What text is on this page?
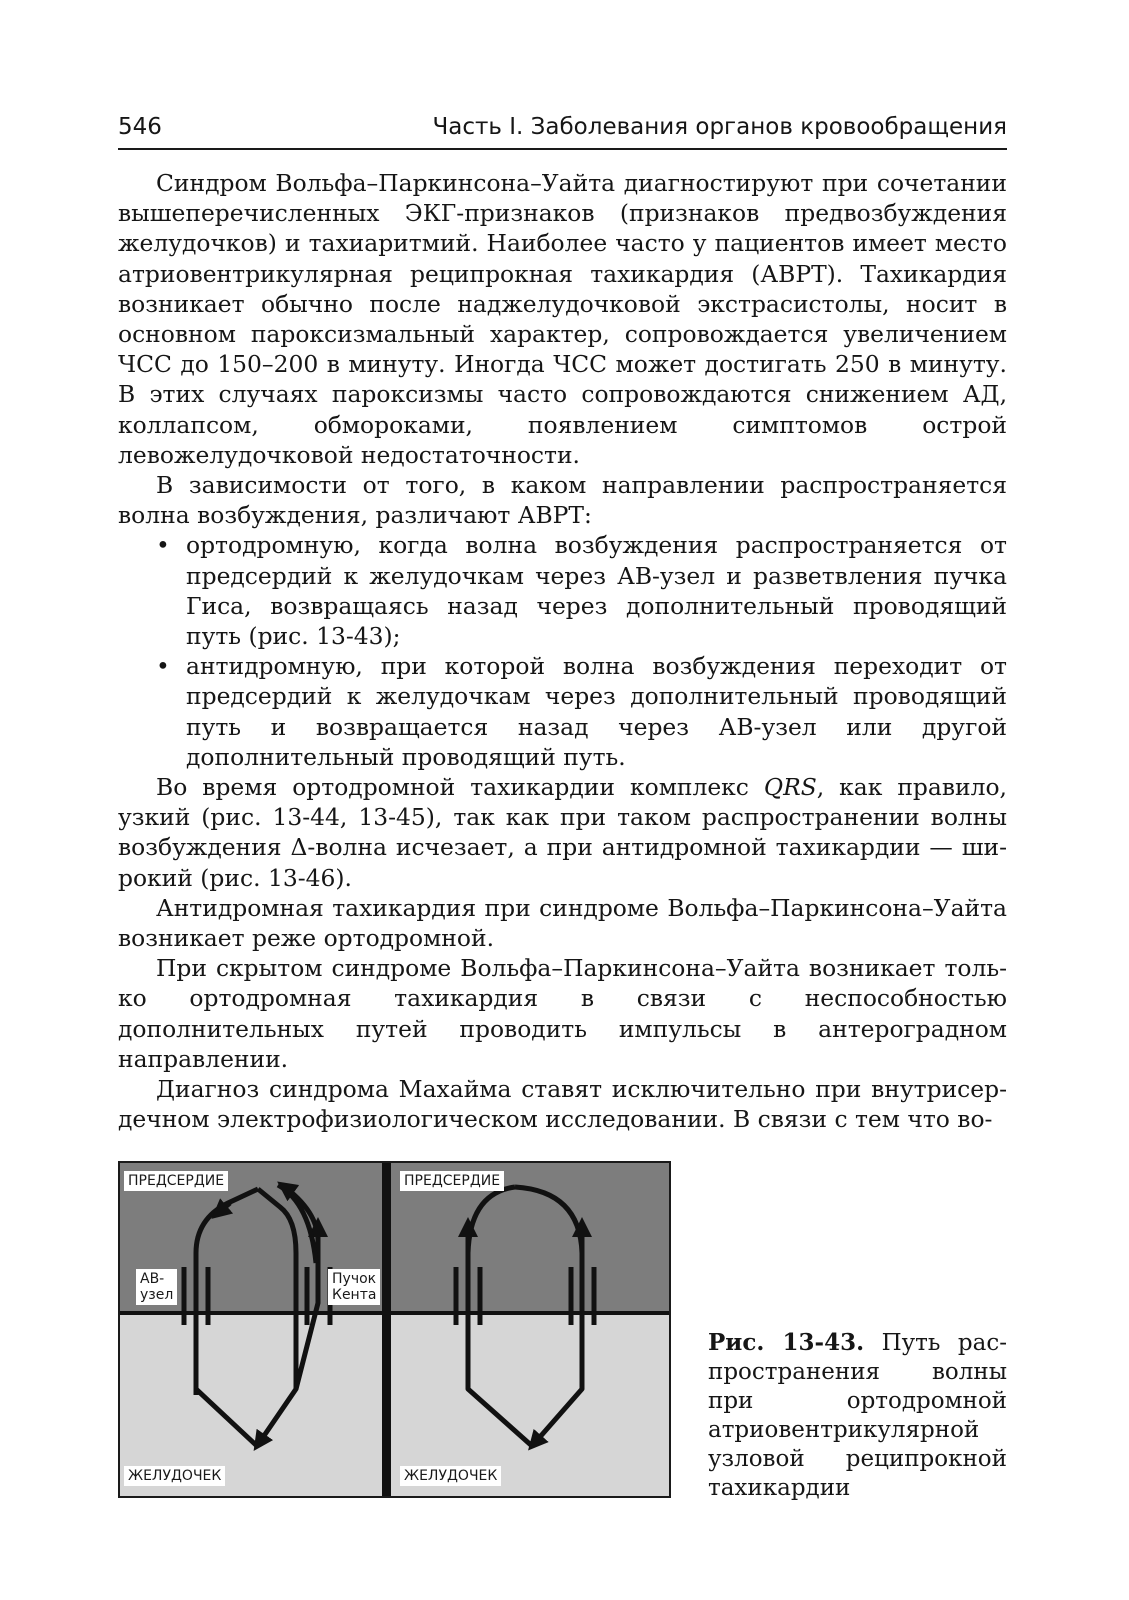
546	Часть I. Заболевания органов кровообращения

Синдром Вольфа–Паркинсона–Уайта диагностируют при сочетании вышеперечисленных ЭКГ-признаков (признаков предвозбуждения желудочков) и тахиаритмий. Наиболее часто у пациентов имеет место атриовентрикулярная реципрокная тахикардия (АВРТ). Тахикардия возникает обычно после наджелудочковой экстрасистолы, носит в основном пароксизмальный характер, сопровождается увеличением ЧСС до 150–200 в минуту. Иногда ЧСС может достигать 250 в минуту. В этих случаях пароксизмы часто сопровождаются снижением АД, коллапсом, обмороками, появлением симптомов острой левожелудочковой недостаточности.

В зависимости от того, в каком направлении распространяется волна возбуждения, различают АВРТ:

• ортодромную, когда волна возбуждения распространяется от предсердий к желудочкам через АВ-узел и разветвления пучка Гиса, возвращаясь назад через дополнительный проводящий путь (рис. 13-43);
• антидромную, при которой волна возбуждения переходит от предсердий к желудочкам через дополнительный проводящий путь и возвращается назад через АВ-узел или другой дополнительный проводящий путь.

Во время ортодромной тахикардии комплекс QRS, как правило, узкий (рис. 13-44, 13-45), так как при таком распространении волны возбуждения Δ-волна исчезает, а при антидромной тахикардии — широкий (рис. 13-46).

Антидромная тахикардия при синдроме Вольфа–Паркинсона–Уайта возникает реже ортодромной.

При скрытом синдроме Вольфа–Паркинсона–Уайта возникает только ортодромная тахикардия в связи с неспособностью дополнительных путей проводить импульсы в антероградном направлении.

Диагноз синдрома Махайма ставят исключительно при внутрисердечном электрофизиологическом исследовании. В связи с тем что во-

ПРЕДСЕРДИЕ
АВ-
узел
Пучок
Кента
ЖЕЛУДОЧЕК
ПРЕДСЕРДИЕ
ЖЕЛУДОЧЕК
Рис. 13-43. Путь распространения волны при ортодромной атриовентрикулярной узловой реципрокной тахикардии
